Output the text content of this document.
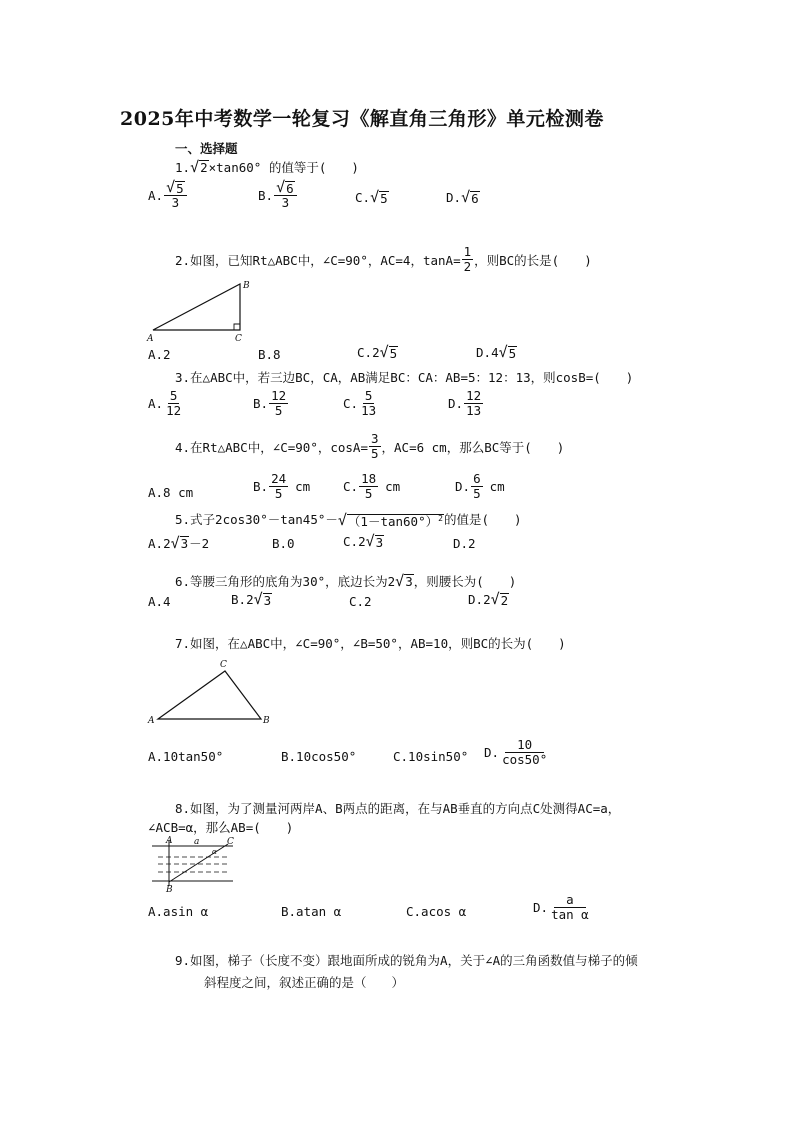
2025年中考数学一轮复习《解直角三角形》单元检测卷
一、选择题
1. √ 2 ×tan60° 的值等于(　　)
A. $\frac{√ 5}{3}$	B. $\frac{√ 6}{3}$	C. √ 5	D. √ 6
2.如图，已知Rt△ABC中，∠C=90°，AC=4，$\tan A= \frac{1}{2}$ ，则BC的长是(　　)
A
B
C
A.2	B.8	C. 2 √ 5	D. 4 √ 5
3.在△ABC中，若三边BC，CA，AB满足BC：CA：AB=5：12：13，则cosB=(　　)
A. $\frac{5}{12}$	B. $\frac{12}{5}$	C. $\frac{5}{13}$	D. $\frac{12}{13}$
4.在Rt△ABC中，∠C=90°，$\cos A= \frac{3}{5}$ ，AC=6 cm，那么BC等于(　　)
A.8 cm	B. $\frac{24}{5}$ cm	C. $\frac{18}{5}$ cm	D. $\frac{6}{5}$ cm
5.式子2cos30°－tan45°－ √ $(1-\tan 60^\circ)^2$ 的值是(　　)
A. 2 √ 3 －2	B.0	C. 2 √ 3	D.2
6.等腰三角形的底角为30°，底边长为2 √ 3 ，则腰长为(　　)
A.4	B. 2 √ 3	C.2	D. 2 √ 2
7.如图，在△ABC中，∠C=90°，∠B=50°，AB=10，则BC的长为(　　)
A	B
C
A.10tan50°	B.10cos50°	C.10sin50° D. $\frac{10}{\cos 50^\circ}$
8.如图，为了测量河两岸A、B两点的距离，在与AB垂直的方向点C处测得AC=a，
∠ACB=α，那么AB=(　　)
A
B
C
a
α
A.asin α	B.atan α	C.acos α	D. $\frac{a}{\text{tan α}}$
9.如图，梯子（长度不变）跟地面所成的锐角为A，关于∠A的三角函数值与梯子的倾
斜程度之间，叙述正确的是（　　）
